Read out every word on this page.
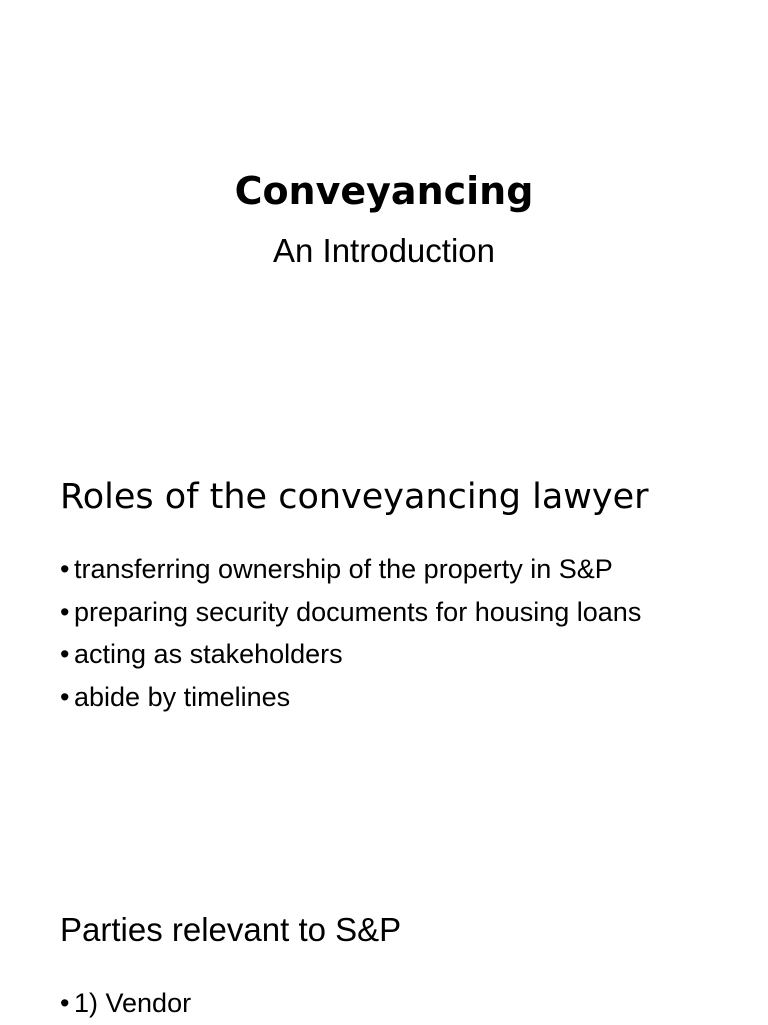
Conveyancing
An Introduction
Roles of the conveyancing lawyer
• transferring ownership of the property in S&P
• preparing security documents for housing loans
• acting as stakeholders
• abide by timelines
Parties relevant to S&P
• 1) Vendor
